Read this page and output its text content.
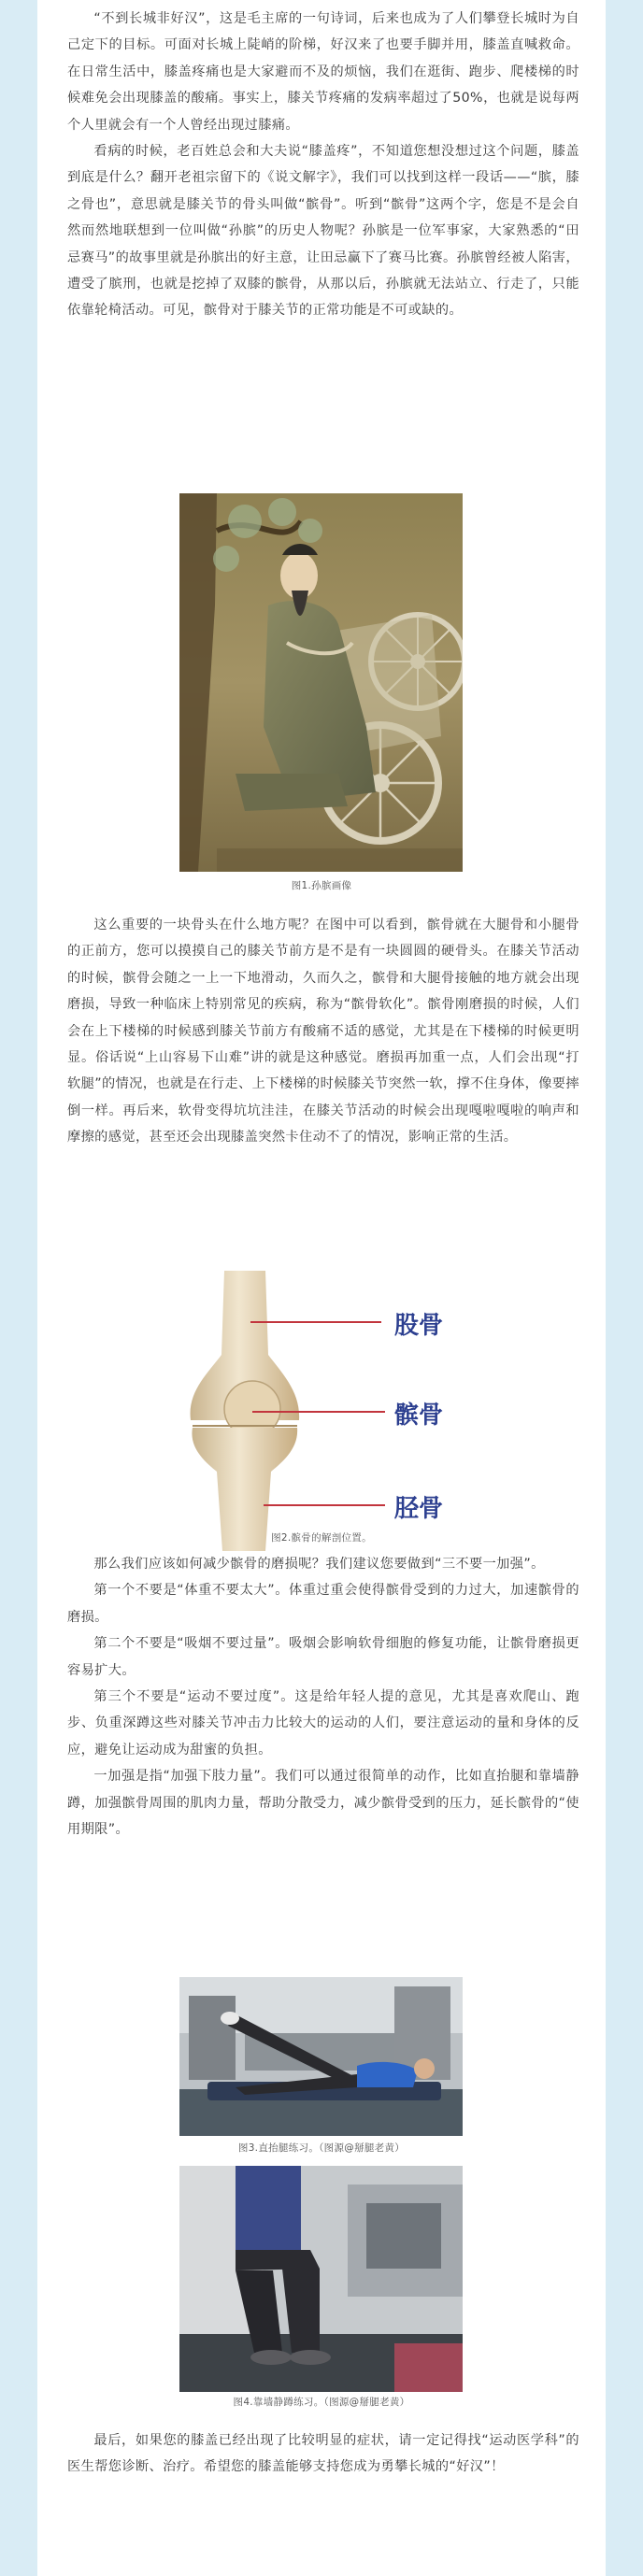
“不到长城非好汉”，这是毛主席的一句诗词，后来也成为了人们攀登长城时为自己定下的目标。可面对长城上陡峭的阶梯，好汉来了也要手脚并用，膝盖直喊救命。在日常生活中，膝盖疼痛也是大家避而不及的烦恼，我们在逛街、跑步、爬楼梯的时候难免会出现膝盖的酸痛。事实上，膝关节疼痛的发病率超过了50%，也就是说每两个人里就会有一个人曾经出现过膝痛。

看病的时候，老百姓总会和大夫说“膝盖疼”，不知道您想没想过这个问题，膝盖到底是什么？翻开老祖宗留下的《说文解字》，我们可以找到这样一段话——“膑，膝之骨也”，意思就是膝关节的骨头叫做“髌骨”。听到“髌骨”这两个字，您是不是会自然而然地联想到一位叫做“孙膑”的历史人物呢？孙膑是一位军事家，大家熟悉的“田忌赛马”的故事里就是孙膑出的好主意，让田忌赢下了赛马比赛。孙膑曾经被人陷害，遭受了膑刑，也就是挖掉了双膝的髌骨，从那以后，孙膑就无法站立、行走了，只能依靠轮椅活动。可见，髌骨对于膝关节的正常功能是不可或缺的。

图1.孙膑画像

这么重要的一块骨头在什么地方呢？在图中可以看到，髌骨就在大腿骨和小腿骨的正前方，您可以摸摸自己的膝关节前方是不是有一块圆圆的硬骨头。在膝关节活动的时候，髌骨会随之一上一下地滑动，久而久之，髌骨和大腿骨接触的地方就会出现磨损，导致一种临床上特别常见的疾病，称为“髌骨软化”。髌骨刚磨损的时候，人们会在上下楼梯的时候感到膝关节前方有酸痛不适的感觉，尤其是在下楼梯的时候更明显。俗话说“上山容易下山难”讲的就是这种感觉。磨损再加重一点，人们会出现“打软腿”的情况，也就是在行走、上下楼梯的时候膝关节突然一软，撑不住身体，像要摔倒一样。再后来，软骨变得坑坑洼洼，在膝关节活动的时候会出现嘎啦嘎啦的响声和摩擦的感觉，甚至还会出现膝盖突然卡住动不了的情况，影响正常的生活。

股骨
髌骨
胫骨
图2.髌骨的解剖位置。

那么我们应该如何减少髌骨的磨损呢？我们建议您要做到“三不要一加强”。

第一个不要是“体重不要太大”。体重过重会使得髌骨受到的力过大，加速髌骨的磨损。

第二个不要是“吸烟不要过量”。吸烟会影响软骨细胞的修复功能，让髌骨磨损更容易扩大。

第三个不要是“运动不要过度”。这是给年轻人提的意见，尤其是喜欢爬山、跑步、负重深蹲这些对膝关节冲击力比较大的运动的人们，要注意运动的量和身体的反应，避免让运动成为甜蜜的负担。

一加强是指“加强下肢力量”。我们可以通过很简单的动作，比如直抬腿和靠墙静蹲，加强髌骨周围的肌肉力量，帮助分散受力，减少髌骨受到的压力，延长髌骨的“使用期限”。

图3.直抬腿练习。（图源@掰腿老黄）
图4.靠墙静蹲练习。（图源@掰腿老黄）

最后，如果您的膝盖已经出现了比较明显的症状，请一定记得找“运动医学科”的医生帮您诊断、治疗。希望您的膝盖能够支持您成为勇攀长城的“好汉”！
